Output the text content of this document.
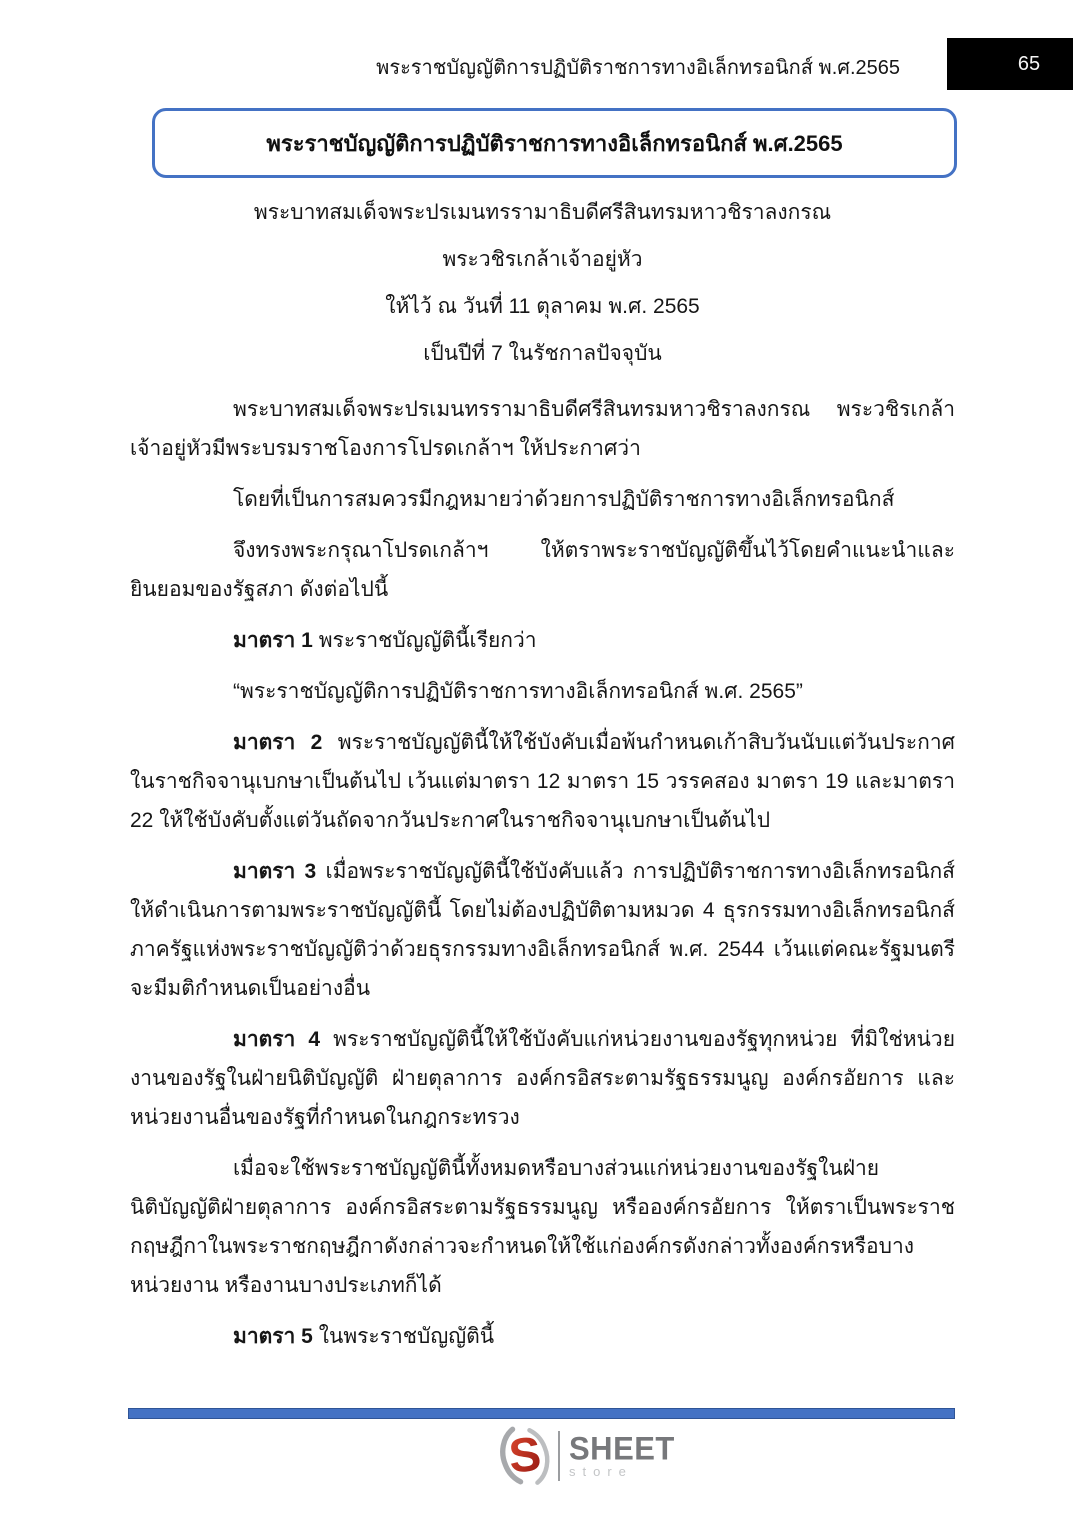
พระราชบัญญัติการปฏิบัติราชการทางอิเล็กทรอนิกส์ พ.ศ.2565	65
พระราชบัญญัติการปฏิบัติราชการทางอิเล็กทรอนิกส์ พ.ศ.2565

พระบาทสมเด็จพระปรเมนทรรามาธิบดีศรีสินทรมหาวชิราลงกรณ

พระวชิรเกล้าเจ้าอยู่หัว

ให้ไว้ ณ วันที่ 11 ตุลาคม พ.ศ. 2565

เป็นปีที่ 7 ในรัชกาลปัจจุบัน

พระบาทสมเด็จพระปรเมนทรรามาธิบดีศรีสินทรมหาวชิราลงกรณ พระวชิรเกล้าเจ้าอยู่หัวมีพระบรมราชโองการโปรดเกล้าฯ ให้ประกาศว่า

โดยที่เป็นการสมควรมีกฎหมายว่าด้วยการปฏิบัติราชการทางอิเล็กทรอนิกส์

จึงทรงพระกรุณาโปรดเกล้าฯ ให้ตราพระราชบัญญัติขึ้นไว้โดยคำแนะนำและยินยอมของรัฐสภา ดังต่อไปนี้

มาตรา 1 พระราชบัญญัตินี้เรียกว่า

“พระราชบัญญัติการปฏิบัติราชการทางอิเล็กทรอนิกส์ พ.ศ. 2565”

มาตรา 2 พระราชบัญญัตินี้ให้ใช้บังคับเมื่อพ้นกำหนดเก้าสิบวันนับแต่วันประกาศในราชกิจจานุเบกษาเป็นต้นไป เว้นแต่มาตรา 12 มาตรา 15 วรรคสอง มาตรา 19 และมาตรา 22 ให้ใช้บังคับตั้งแต่วันถัดจากวันประกาศในราชกิจจานุเบกษาเป็นต้นไป

มาตรา 3 เมื่อพระราชบัญญัตินี้ใช้บังคับแล้ว การปฏิบัติราชการทางอิเล็กทรอนิกส์ให้ดำเนินการตามพระราชบัญญัตินี้ โดยไม่ต้องปฏิบัติตามหมวด 4 ธุรกรรมทางอิเล็กทรอนิกส์ภาครัฐแห่งพระราชบัญญัติว่าด้วยธุรกรรมทางอิเล็กทรอนิกส์ พ.ศ. 2544 เว้นแต่คณะรัฐมนตรีจะมีมติกำหนดเป็นอย่างอื่น

มาตรา 4 พระราชบัญญัตินี้ให้ใช้บังคับแก่หน่วยงานของรัฐทุกหน่วย ที่มิใช่หน่วยงานของรัฐในฝ่ายนิติบัญญัติ ฝ่ายตุลาการ องค์กรอิสระตามรัฐธรรมนูญ องค์กรอัยการ และหน่วยงานอื่นของรัฐที่กำหนดในกฎกระทรวง

เมื่อจะใช้พระราชบัญญัตินี้ทั้งหมดหรือบางส่วนแก่หน่วยงานของรัฐในฝ่ายนิติบัญญัติฝ่ายตุลาการ องค์กรอิสระตามรัฐธรรมนูญ หรือองค์กรอัยการ ให้ตราเป็นพระราชกฤษฎีกาในพระราชกฤษฎีกาดังกล่าวจะกำหนดให้ใช้แก่องค์กรดังกล่าวทั้งองค์กรหรือบางหน่วยงาน หรืองานบางประเภทก็ได้

มาตรา 5 ในพระราชบัญญัตินี้

S SHEET
store
